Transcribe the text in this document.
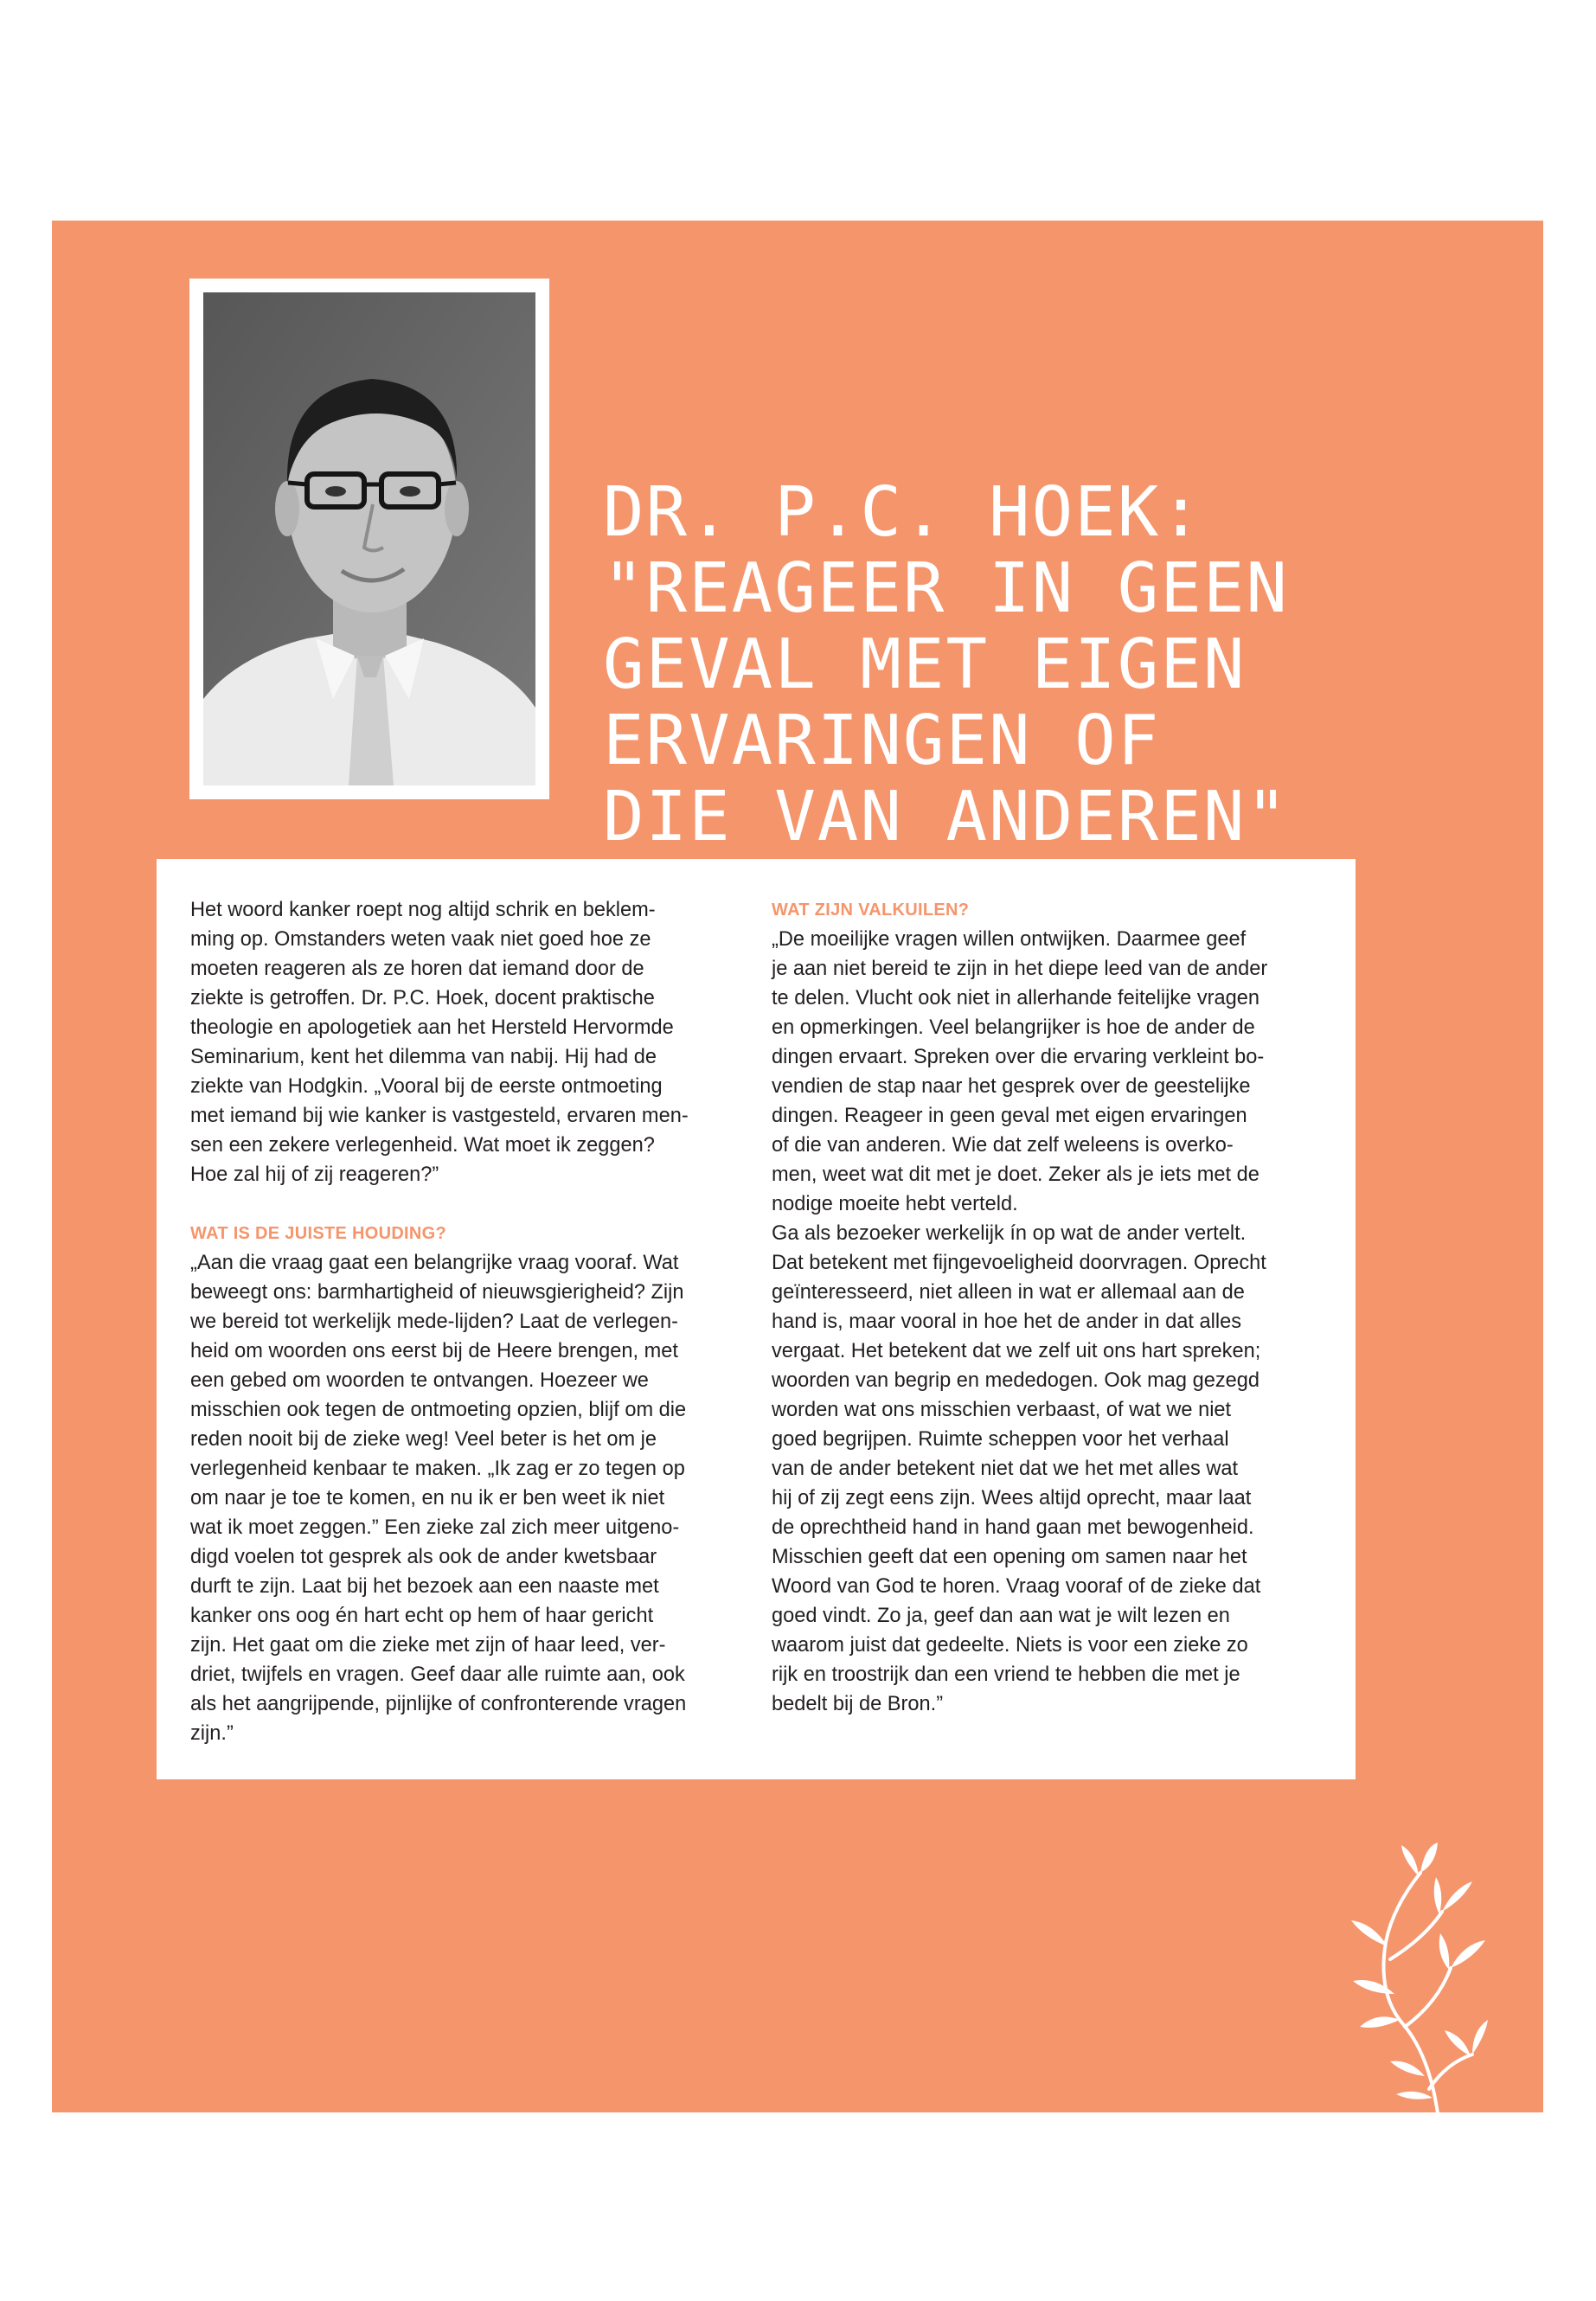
DR. P.C. HOEK:
"REAGEER IN GEEN
GEVAL MET EIGEN
ERVARINGEN OF
DIE VAN ANDEREN"

Het woord kanker roept nog altijd schrik en beklem-

ming op. Omstanders weten vaak niet goed hoe ze

moeten reageren als ze horen dat iemand door de

ziekte is getroffen. Dr. P.C. Hoek, docent praktische

theologie en apologetiek aan het Hersteld Hervormde

Seminarium, kent het dilemma van nabij. Hij had de

ziekte van Hodgkin. „Vooral bij de eerste ontmoeting

met iemand bij wie kanker is vastgesteld, ervaren men-

sen een zekere verlegenheid. Wat moet ik zeggen?

Hoe zal hij of zij reageren?”

WAT IS DE JUISTE HOUDING?

„Aan die vraag gaat een belangrijke vraag vooraf. Wat

beweegt ons: barmhartigheid of nieuwsgierigheid? Zijn

we bereid tot werkelijk mede-lijden? Laat de verlegen-

heid om woorden ons eerst bij de Heere brengen, met

een gebed om woorden te ontvangen. Hoezeer we

misschien ook tegen de ontmoeting opzien, blijf om die

reden nooit bij de zieke weg! Veel beter is het om je

verlegenheid kenbaar te maken. „Ik zag er zo tegen op

om naar je toe te komen, en nu ik er ben weet ik niet

wat ik moet zeggen.” Een zieke zal zich meer uitgeno-

digd voelen tot gesprek als ook de ander kwetsbaar

durft te zijn. Laat bij het bezoek aan een naaste met

kanker ons oog én hart echt op hem of haar gericht

zijn. Het gaat om die zieke met zijn of haar leed, ver-

driet, twijfels en vragen. Geef daar alle ruimte aan, ook

als het aangrijpende, pijnlijke of confronterende vragen

zijn.”

WAT ZIJN VALKUILEN?

„De moeilijke vragen willen ontwijken. Daarmee geef

je aan niet bereid te zijn in het diepe leed van de ander

te delen. Vlucht ook niet in allerhande feitelijke vragen

en opmerkingen. Veel belangrijker is hoe de ander de

dingen ervaart. Spreken over die ervaring verkleint bo-

vendien de stap naar het gesprek over de geestelijke

dingen. Reageer in geen geval met eigen ervaringen

of die van anderen. Wie dat zelf weleens is overko-

men, weet wat dit met je doet. Zeker als je iets met de

nodige moeite hebt verteld.

Ga als bezoeker werkelijk ín op wat de ander vertelt.

Dat betekent met fijngevoeligheid doorvragen. Oprecht

geïnteresseerd, niet alleen in wat er allemaal aan de

hand is, maar vooral in hoe het de ander in dat alles

vergaat. Het betekent dat we zelf uit ons hart spreken;

woorden van begrip en mededogen. Ook mag gezegd

worden wat ons misschien verbaast, of wat we niet

goed begrijpen. Ruimte scheppen voor het verhaal

van de ander betekent niet dat we het met alles wat

hij of zij zegt eens zijn. Wees altijd oprecht, maar laat

de oprechtheid hand in hand gaan met bewogenheid.

Misschien geeft dat een opening om samen naar het

Woord van God te horen. Vraag vooraf of de zieke dat

goed vindt. Zo ja, geef dan aan wat je wilt lezen en

waarom juist dat gedeelte. Niets is voor een zieke zo

rijk en troostrijk dan een vriend te hebben die met je

bedelt bij de Bron.”
